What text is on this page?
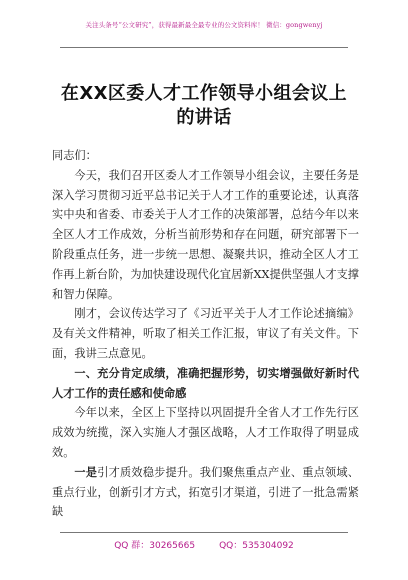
关注头条号“公文研究”，获得最新最全最专业的公文资料库！ 微信：gongwenyj
在XX区委人才工作领导小组会议上的讲话

同志们：

今天，我们召开区委人才工作领导小组会议，主要任务是深入学习贯彻习近平总书记关于人才工作的重要论述，认真落实中央和省委、市委关于人才工作的决策部署，总结今年以来全区人才工作成效，分析当前形势和存在问题，研究部署下一阶段重点任务，进一步统一思想、凝聚共识，推动全区人才工作再上新台阶，为加快建设现代化宜居新XX提供坚强人才支撑和智力保障。

刚才，会议传达学习了《习近平关于人才工作论述摘编》及有关文件精神，听取了相关工作汇报，审议了有关文件。下面，我讲三点意见。

一、充分肯定成绩，准确把握形势，切实增强做好新时代人才工作的责任感和使命感

今年以来，全区上下坚持以巩固提升全省人才工作先行区成效为统揽，深入实施人才强区战略，人才工作取得了明显成效。

一是引才质效稳步提升。我们聚焦重点产业、重点领域、重点行业，创新引才方式，拓宽引才渠道，引进了一批急需紧缺

QQ 群：30265665	QQ：535304092
